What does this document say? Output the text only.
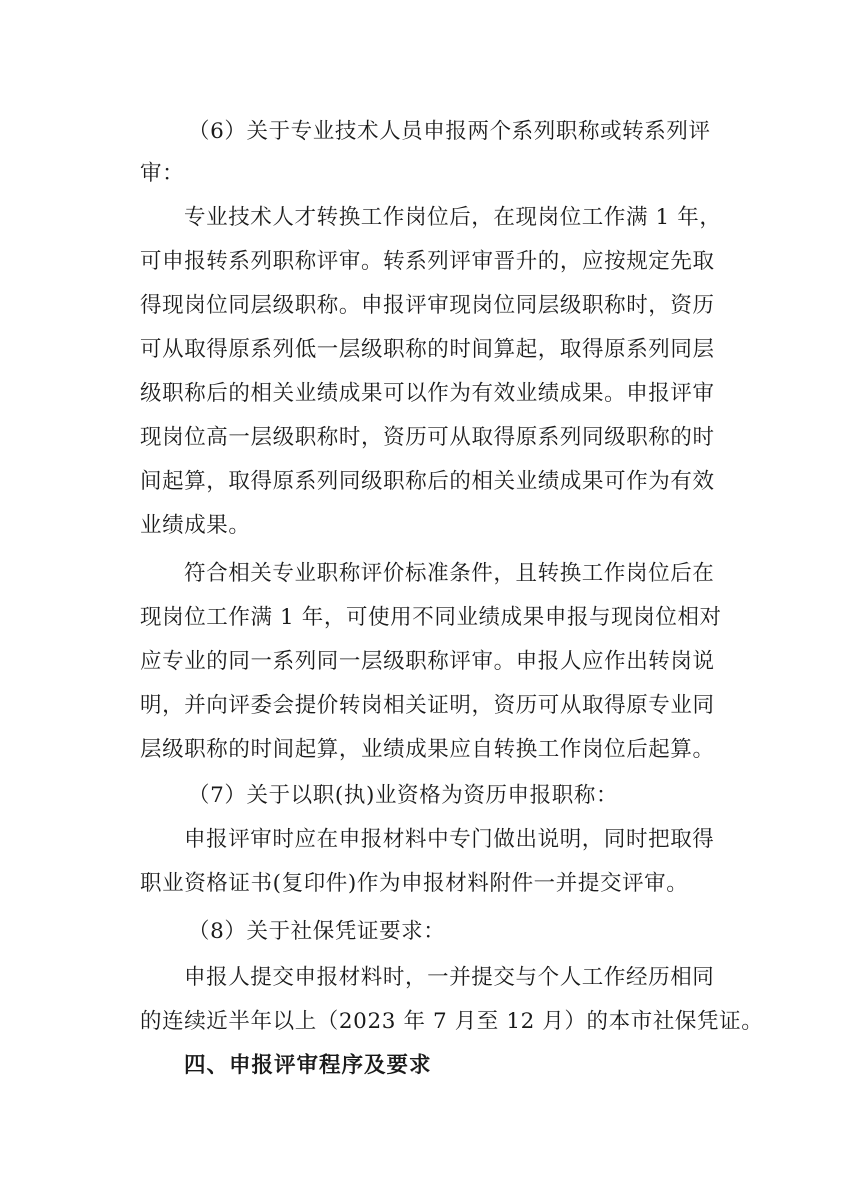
（6）关于专业技术人员申报两个系列职称或转系列评
审：
专业技术人才转换工作岗位后，在现岗位工作满 1 年，
可申报转系列职称评审。转系列评审晋升的，应按规定先取
得现岗位同层级职称。申报评审现岗位同层级职称时，资历
可从取得原系列低一层级职称的时间算起，取得原系列同层
级职称后的相关业绩成果可以作为有效业绩成果。申报评审
现岗位高一层级职称时，资历可从取得原系列同级职称的时
间起算，取得原系列同级职称后的相关业绩成果可作为有效
业绩成果。
符合相关专业职称评价标准条件，且转换工作岗位后在
现岗位工作满 1 年，可使用不同业绩成果申报与现岗位相对
应专业的同一系列同一层级职称评审。申报人应作出转岗说
明，并向评委会提价转岗相关证明，资历可从取得原专业同
层级职称的时间起算，业绩成果应自转换工作岗位后起算。
（7）关于以职(执)业资格为资历申报职称：
申报评审时应在申报材料中专门做出说明，同时把取得
职业资格证书(复印件)作为申报材料附件一并提交评审。
（8）关于社保凭证要求：
申报人提交申报材料时，一并提交与个人工作经历相同
的连续近半年以上（2023 年 7 月至 12 月）的本市社保凭证。
四、申报评审程序及要求
